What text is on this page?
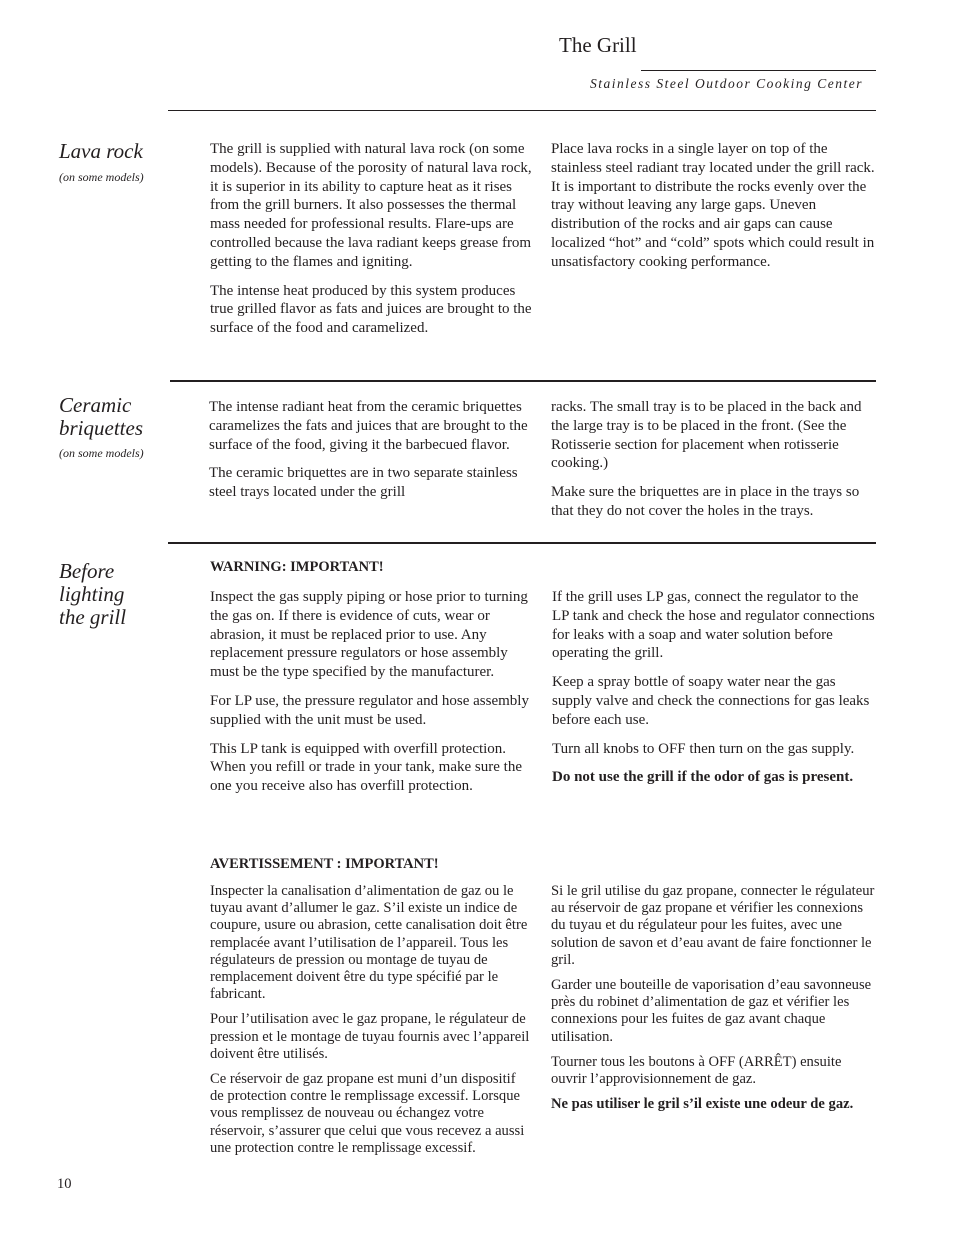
The Grill
Stainless Steel Outdoor Cooking Center
Lava rock
(on some models)

The grill is supplied with natural lava rock (on some models). Because of the porosity of natural lava rock, it is superior in its ability to capture heat as it rises from the grill burners. It also possesses the thermal mass needed for professional results. Flare-ups are controlled because the lava radiant keeps grease from getting to the flames and igniting.

The intense heat produced by this system produces true grilled flavor as fats and juices are brought to the surface of the food and caramelized.

Place lava rocks in a single layer on top of the stainless steel radiant tray located under the grill rack. It is important to distribute the rocks evenly over the tray without leaving any large gaps. Uneven distribution of the rocks and air gaps can cause localized “hot” and “cold” spots which could result in unsatisfactory cooking performance.

Ceramic
briquettes
(on some models)

The intense radiant heat from the ceramic briquettes caramelizes the fats and juices that are brought to the surface of the food, giving it the barbecued flavor.

The ceramic briquettes are in two separate stainless steel trays located under the grill

racks. The small tray is to be placed in the back and the large tray is to be placed in the front. (See the Rotisserie section for placement when rotisserie cooking.)

Make sure the briquettes are in place in the trays so that they do not cover the holes in the trays.

Before
lighting
the grill
WARNING: IMPORTANT!

Inspect the gas supply piping or hose prior to turning the gas on. If there is evidence of cuts, wear or abrasion, it must be replaced prior to use. Any replacement pressure regulators or hose assembly must be the type specified by the manufacturer.

For LP use, the pressure regulator and hose assembly supplied with the unit must be used.

This LP tank is equipped with overfill protection. When you refill or trade in your tank, make sure the one you receive also has overfill protection.

If the grill uses LP gas, connect the regulator to the LP tank and check the hose and regulator connections for leaks with a soap and water solution before operating the grill.

Keep a spray bottle of soapy water near the gas supply valve and check the connections for gas leaks before each use.

Turn all knobs to OFF then turn on the gas supply.

Do not use the grill if the odor of gas is present.

AVERTISSEMENT : IMPORTANT!

Inspecter la canalisation d’alimentation de gaz ou le tuyau avant d’allumer le gaz. S’il existe un indice de coupure, usure ou abrasion, cette canalisation doit être remplacée avant l’utilisation de l’appareil. Tous les régulateurs de pression ou montage de tuyau de remplacement doivent être du type spécifié par le fabricant.

Pour l’utilisation avec le gaz propane, le régulateur de pression et le montage de tuyau fournis avec l’appareil doivent être utilisés.

Ce réservoir de gaz propane est muni d’un dispositif de protection contre le remplissage excessif. Lorsque vous remplissez de nouveau ou échangez votre réservoir, s’assurer que celui que vous recevez a aussi une protection contre le remplissage excessif.

Si le gril utilise du gaz propane, connecter le régulateur au réservoir de gaz propane et vérifier les connexions du tuyau et du régulateur pour les fuites, avec une solution de savon et d’eau avant de faire fonctionner le gril.

Garder une bouteille de vaporisation d’eau savonneuse près du robinet d’alimentation de gaz et vérifier les connexions pour les fuites de gaz avant chaque utilisation.

Tourner tous les boutons à OFF (ARRÊT) ensuite ouvrir l’approvisionnement de gaz.

Ne pas utiliser le gril s’il existe une odeur de gaz.

10
